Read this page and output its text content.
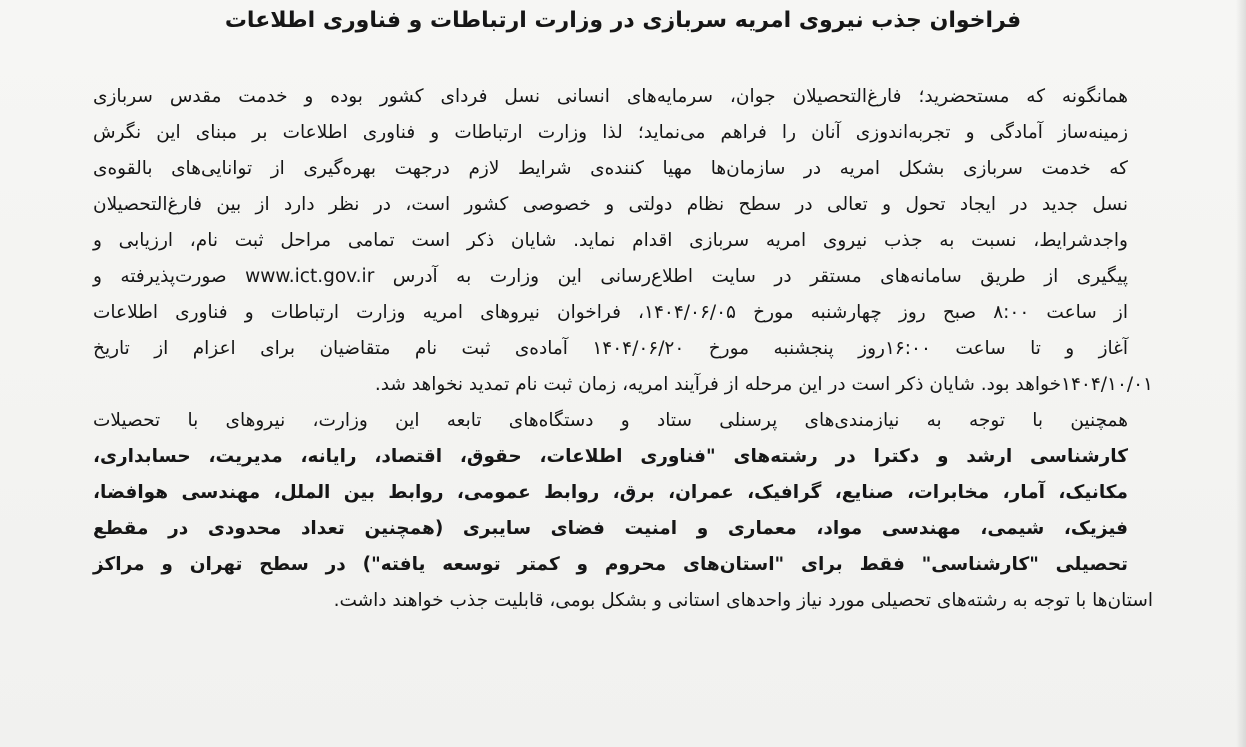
فراخوان جذب نیروی امریه سربازی در وزارت ارتباطات و فناوری اطلاعات
همانگونه که مستحضرید؛ فارغ‌التحصیلان جوان، سرمایه‌های انسانی نسل فردای کشور بوده و خدمت مقدس سربازی
زمینه‌ساز آمادگی و تجربه‌اندوزی آنان را فراهم می‌نماید؛ لذا وزارت ارتباطات و فناوری اطلاعات بر مبنای این نگرش
که خدمت سربازی بشکل امریه در سازمان‌ها مهیا کننده‌ی شرایط لازم درجهت بهره‌گیری از توانایی‌های بالقوه‌ی
نسل جدید در ایجاد تحول و تعالی در سطح نظام دولتی و خصوصی کشور است، در نظر دارد از بین فارغ‌التحصیلان
واجدشرایط، نسبت به جذب نیروی امریه سربازی اقدام نماید. شایان ذکر است تمامی مراحل ثبت نام، ارزیابی و
پیگیری از طریق سامانه‌های مستقر در سایت اطلاع‌رسانی این وزارت به آدرس www.ict.gov.ir صورت‌پذیرفته و
از ساعت ۸:۰۰ صبح روز چهارشنبه مورخ ۱۴۰۴/۰۶/۰۵، فراخوان نیروهای امریه وزارت ارتباطات و فناوری اطلاعات
آغاز و تا ساعت ۱۶:۰۰روز پنجشنبه مورخ ۱۴۰۴/۰۶/۲۰ آماده‌ی ثبت نام متقاضیان برای اعزام از تاریخ
۱۴۰۴/۱۰/۰۱خواهد بود. شایان ذکر است در این مرحله از فرآیند امریه، زمان ثبت نام تمدید نخواهد شد.
همچنین با توجه به نیازمندی‌های پرسنلی ستاد و دستگاه‌های تابعه این وزارت، نیروهای با تحصیلات
کارشناسی ارشد و دکترا در رشته‌های "فناوری اطلاعات، حقوق، اقتصاد، رایانه، مدیریت، حسابداری،
مکانیک، آمار، مخابرات، صنایع، گرافیک، عمران، برق، روابط عمومی، روابط بین الملل، مهندسی هوافضا،
فیزیک، شیمی، مهندسی مواد، معماری و امنیت فضای سایبری (همچنین تعداد محدودی در مقطع
تحصیلی "کارشناسی" فقط برای "استان‌های محروم و کمتر توسعه یافته") در سطح تهران و مراکز
استان‌ها با توجه به رشته‌های تحصیلی مورد نیاز واحدهای استانی و بشکل بومی، قابلیت جذب خواهند داشت.
